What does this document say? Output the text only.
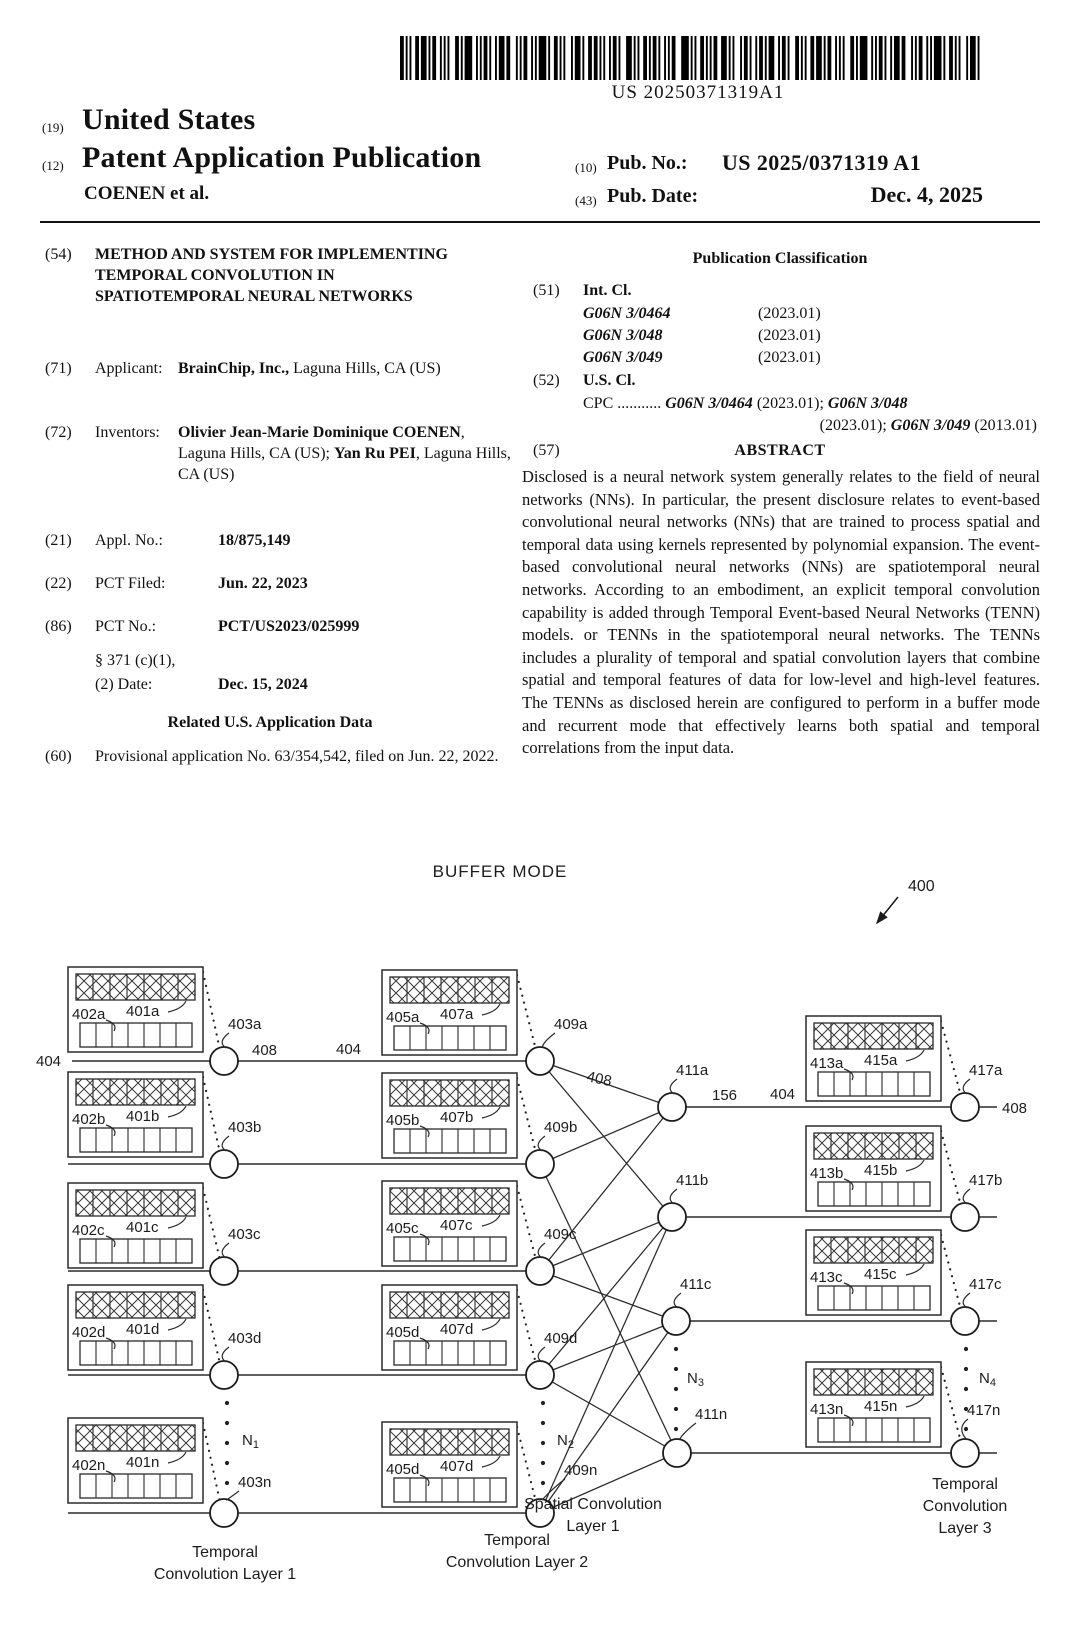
US 20250371319A1
(19) United States
(12) Patent Application Publication
COENEN et al.
(10) Pub. No.: US 2025/0371319 A1
(43) Pub. Date:	Dec. 4, 2025
(54) METHOD AND SYSTEM FOR IMPLEMENTING TEMPORAL CONVOLUTION IN SPATIOTEMPORAL NEURAL NETWORKS
(71) Applicant: BrainChip, Inc., Laguna Hills, CA (US)
(72) Inventors: Olivier Jean-Marie Dominique COENEN, Laguna Hills, CA (US); Yan Ru PEI, Laguna Hills, CA (US)
(21) Appl. No.:	18/875,149
(22) PCT Filed:	Jun. 22, 2023
(86) PCT No.:	PCT/US2023/025999
§ 371 (c)(1),
(2) Date:	Dec. 15, 2024
Related U.S. Application Data
(60) Provisional application No. 63/354,542, filed on Jun. 22, 2022.
Publication Classification
(51) Int. Cl.
G06N 3/0464	(2023.01)
G06N 3/048	(2023.01)
G06N 3/049	(2023.01)
(52) U.S. Cl.
CPC ........... G06N 3/0464 (2023.01); G06N 3/048
(2023.01); G06N 3/049 (2013.01)
(57)	ABSTRACT
Disclosed is a neural network system generally relates to the field of neural networks (NNs). In particular, the present disclosure relates to event-based convolutional neural networks (NNs) that are trained to process spatial and temporal data using kernels represented by polynomial expansion. The event-based convolutional neural networks (NNs) are spatiotemporal neural networks. According to an embodiment, an explicit temporal convolution capability is added through Temporal Event-based Neural Networks (TENN) models. or TENNs in the spatiotemporal neural networks. The TENNs includes a plurality of temporal and spatial convolution layers that combine spatial and temporal features of data for low-level and high-level features. The TENNs as disclosed herein are configured to perform in a buffer mode and recurrent mode that effectively learns both spatial and temporal correlations from the input data.
$N_1$	$N_2$
$N_3$	$N_4$
402a 401a	405a 407a
402b 401b	405b 407b
402c 401c	405c 407c
402d 401d	405d 407d
402n 401n	405d 407d
413a 415a
413b 415b
413c 415c
413n 415n
403a	409a
403b	409b
403c	409c
403d	409d
403n
409n
411a	417a
411b	417b
411c	417c
411n	417n
404
408	404
408
156 404
408
BUFFER MODE
400
Temporal
Convolution Layer 1
Temporal
Convolution Layer 2
Spatial Convolution
Layer 1
Temporal
Convolution
Layer 3
